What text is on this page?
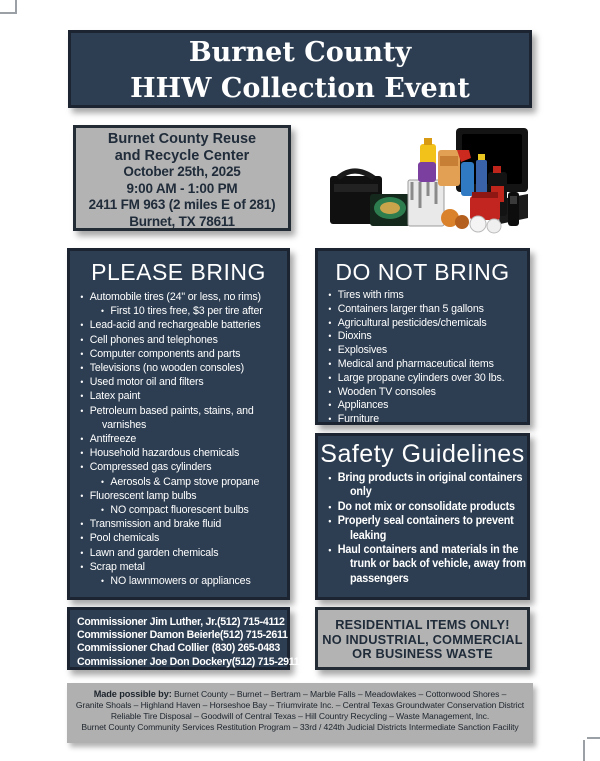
Burnet County
HHW Collection Event
Burnet County Reuse
and Recycle Center
October 25th, 2025
9:00 AM - 1:00 PM
2411 FM 963 (2 miles E of 281)
Burnet, TX 78611
PLEASE BRING
• Automobile tires (24" or less, no rims)
• First 10 tires free, $3 per tire after
• Lead-acid and rechargeable batteries
• Cell phones and telephones
• Computer components and parts
• Televisions (no wooden consoles)
• Used motor oil and filters
• Latex paint
• Petroleum based paints, stains, and varnishes
• Antifreeze
• Household hazardous chemicals
• Compressed gas cylinders
• Aerosols & Camp stove propane
• Fluorescent lamp bulbs
• NO compact fluorescent bulbs
• Transmission and brake fluid
• Pool chemicals
• Lawn and garden chemicals
• Scrap metal
• NO lawnmowers or appliances
DO NOT BRING
• Tires with rims
• Containers larger than 5 gallons
• Agricultural pesticides/chemicals
• Dioxins
• Explosives
• Medical and pharmaceutical items
• Large propane cylinders over 30 lbs.
• Wooden TV consoles
• Appliances
• Furniture
Safety Guidelines
• Bring products in original containers only
• Do not mix or consolidate products
• Properly seal containers to prevent leaking
• Haul containers and materials in the trunk or back of vehicle, away from passengers
Commissioner Jim Luther, Jr. (512) 715-4112
Commissioner Damon Beierle (512) 715-2611
Commissioner Chad Collier (830) 265-0483
Commissioner Joe Don Dockery (512) 715-2911
RESIDENTIAL ITEMS ONLY!
NO INDUSTRIAL, COMMERCIAL
OR BUSINESS WASTE
Made possible by: Burnet County – Burnet – Bertram – Marble Falls – Meadowlakes – Cottonwood Shores –
Granite Shoals – Highland Haven – Horseshoe Bay – Triumvirate Inc. – Central Texas Groundwater Conservation District
Reliable Tire Disposal – Goodwill of Central Texas – Hill Country Recycling – Waste Management, Inc.
Burnet County Community Services Restitution Program – 33rd / 424th Judicial Districts Intermediate Sanction Facility
